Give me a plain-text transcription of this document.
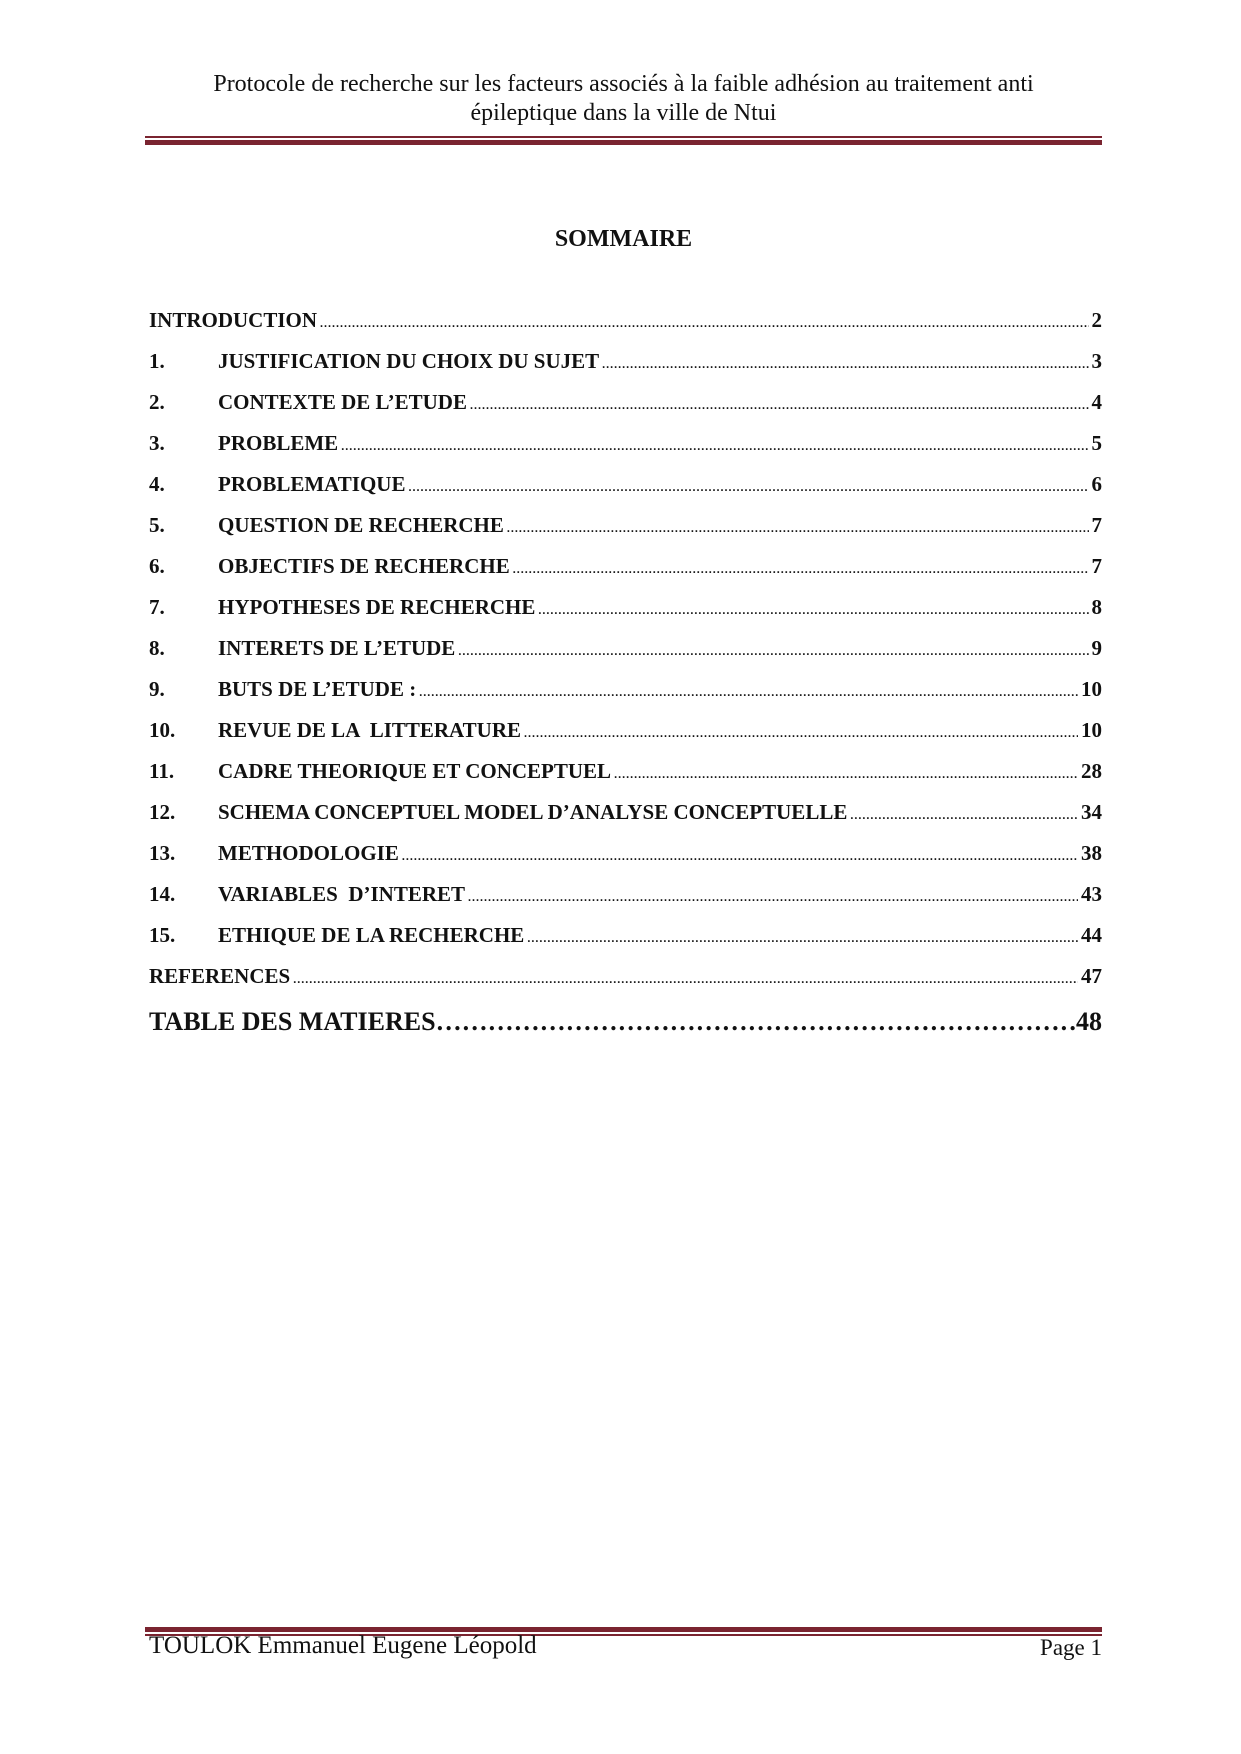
Protocole de recherche sur les facteurs associés à la faible adhésion au traitement anti
épileptique dans la ville de Ntui
SOMMAIRE
INTRODUCTION .....	2
1.	JUSTIFICATION DU CHOIX DU SUJET .....	3
2.	CONTEXTE DE L’ETUDE .....	4
3.	PROBLEME .....	5
4.	PROBLEMATIQUE .....	6
5.	QUESTION DE RECHERCHE .....	7
6.	OBJECTIFS DE RECHERCHE .....	7
7.	HYPOTHESES DE RECHERCHE .....	8
8.	INTERETS DE L’ETUDE .....	9
9.	BUTS DE L’ETUDE : .....	10
10.	REVUE DE LA  LITTERATURE .....	10
11.	CADRE THEORIQUE ET CONCEPTUEL .....	28
12.	SCHEMA CONCEPTUEL MODEL D’ANALYSE CONCEPTUELLE .....	34
13.	METHODOLOGIE .....	38
14.	VARIABLES  D’INTERET .....	43
15.	ETHIQUE DE LA RECHERCHE .....	44
REFERENCES .....	47
TABLE DES MATIERES …………………………………………………………………………………………………………………………………………………………………………………………………………………	48
TOULOK Emmanuel Eugene Léopold	Page 1
